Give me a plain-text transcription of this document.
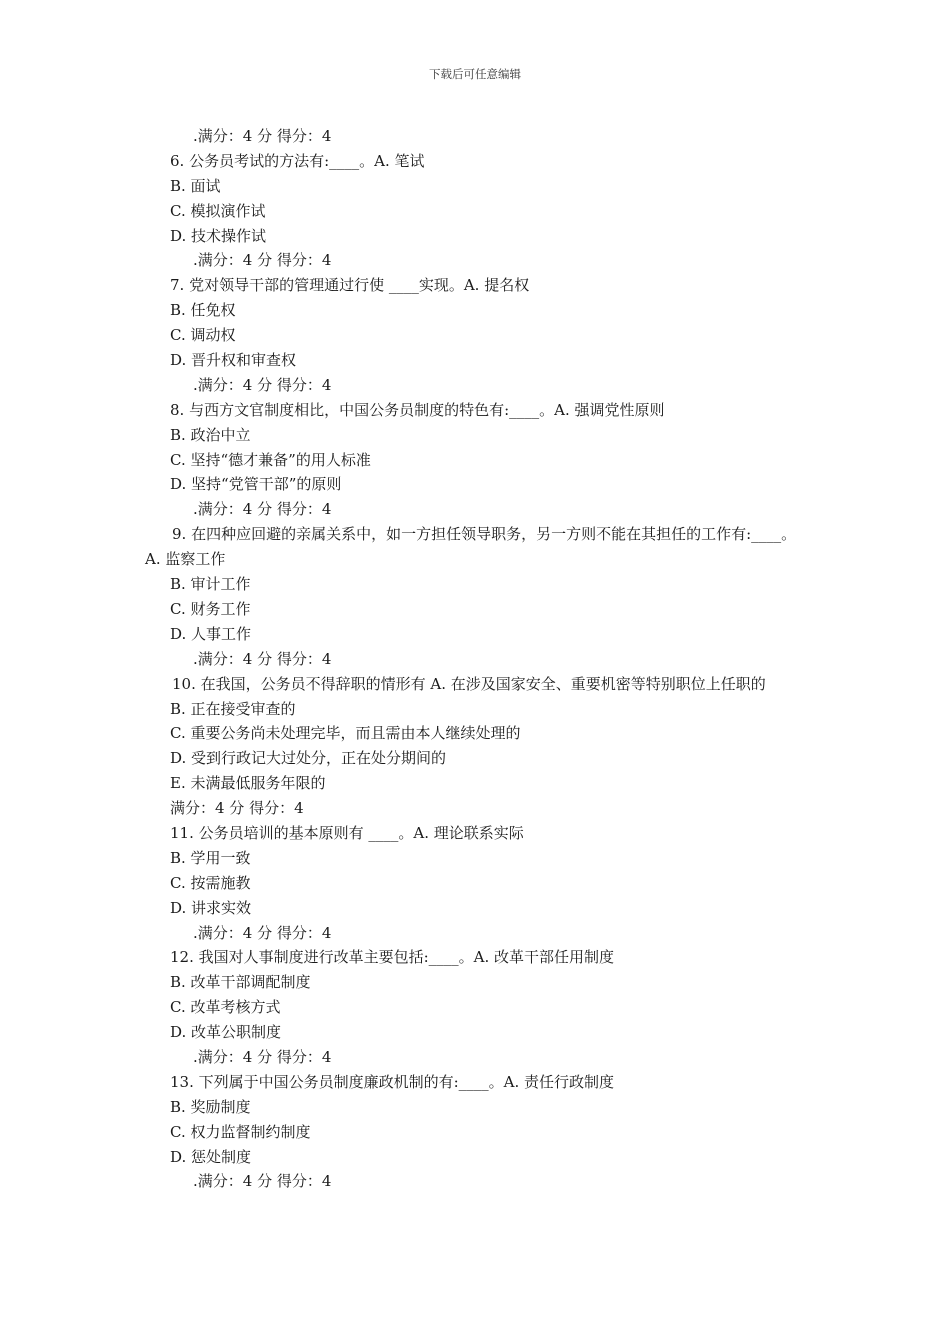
下载后可任意编辑
.满分：4 分 得分：4
6. 公务员考试的方法有:____。A. 笔试
B. 面试
C. 模拟演作试
D. 技术操作试
.满分：4 分 得分：4
7. 党对领导干部的管理通过行使 ____实现。A. 提名权
B. 任免权
C. 调动权
D. 晋升权和审查权
.满分：4 分 得分：4
8. 与西方文官制度相比，中国公务员制度的特色有:____。A. 强调党性原则
B. 政治中立
C. 坚持“德才兼备”的用人标准
D. 坚持“党管干部”的原则
.满分：4 分 得分：4
9. 在四种应回避的亲属关系中，如一方担任领导职务，另一方则不能在其担任的工作有:____。A. 监察工作
B. 审计工作
C. 财务工作
D. 人事工作
.满分：4 分 得分：4
10. 在我国，公务员不得辞职的情形有 A. 在涉及国家安全、重要机密等特别职位上任职的
B. 正在接受审查的
C. 重要公务尚未处理完毕，而且需由本人继续处理的
D. 受到行政记大过处分，正在处分期间的
E. 未满最低服务年限的
满分：4 分 得分：4
11. 公务员培训的基本原则有 ____。A. 理论联系实际
B. 学用一致
C. 按需施教
D. 讲求实效
.满分：4 分 得分：4
12. 我国对人事制度进行改革主要包括:____。A. 改革干部任用制度
B. 改革干部调配制度
C. 改革考核方式
D. 改革公职制度
.满分：4 分 得分：4
13. 下列属于中国公务员制度廉政机制的有:____。A. 责任行政制度
B. 奖励制度
C. 权力监督制约制度
D. 惩处制度
.满分：4 分 得分：4
